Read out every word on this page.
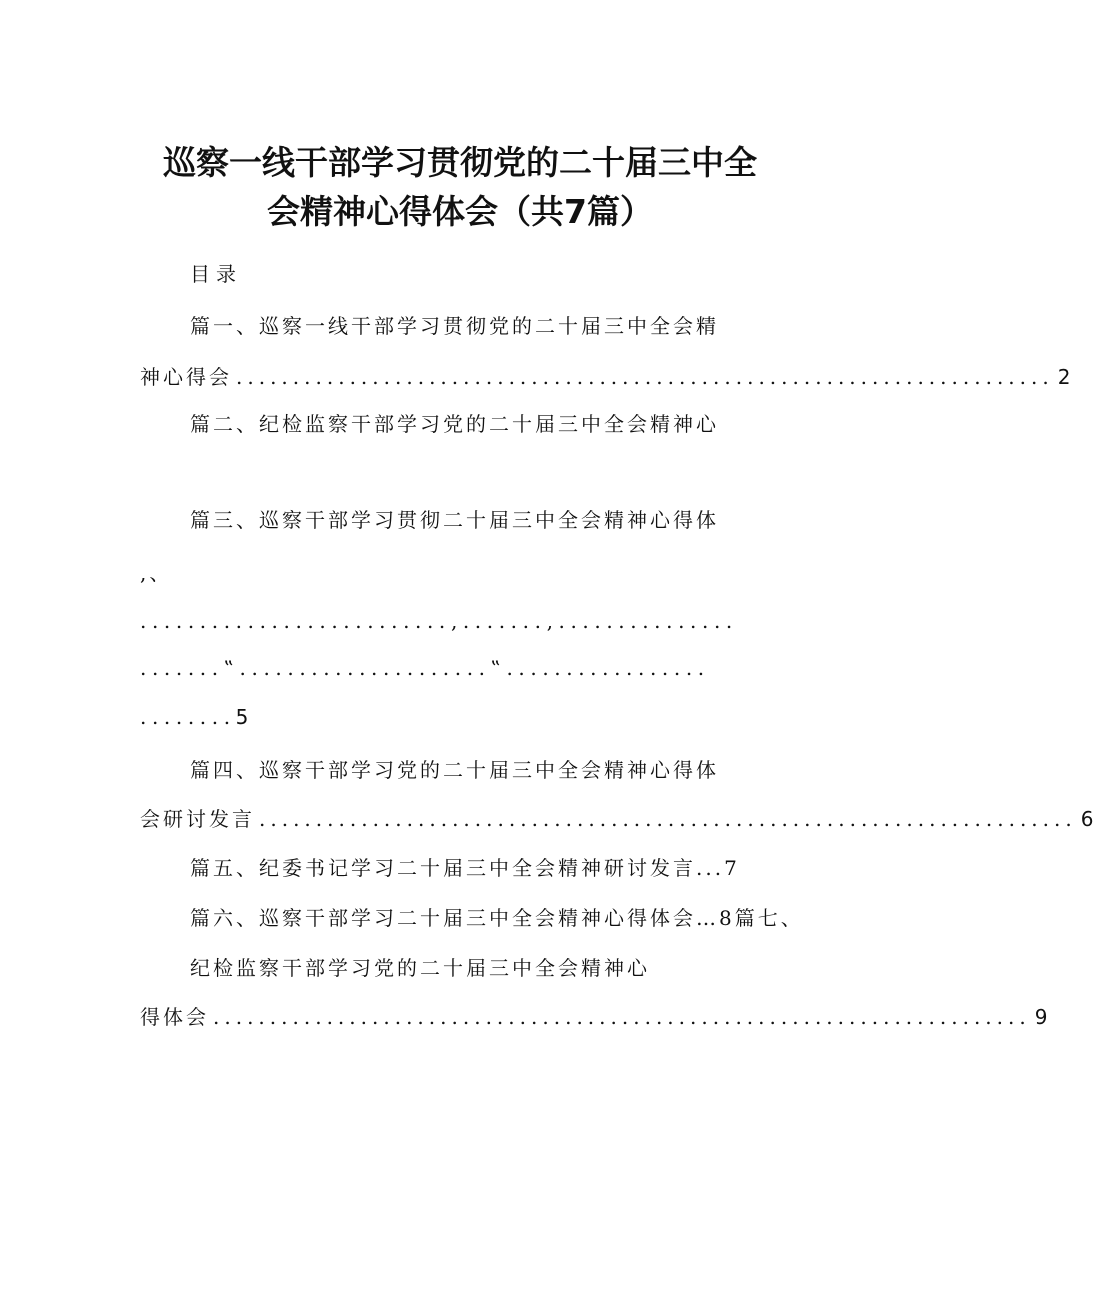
巡察一线干部学习贯彻党的二十届三中全
会精神心得体会（共7篇）
目录
篇一、巡察一线干部学习贯彻党的二十届三中全会精
神心得会 ........................................................................ 2
篇二、纪检监察干部学习党的二十届三中全会精神心
篇三、巡察干部学习贯彻二十届三中全会精神心得体
,、
..........................‚.......‚...............
.......‟.....................‟.................
........5
篇四、巡察干部学习党的二十届三中全会精神心得体
会研讨发言 ........................................................................ 6
篇五、纪委书记学习二十届三中全会精神研讨发言...7
篇六、巡察干部学习二十届三中全会精神心得体会…8篇七、
纪检监察干部学习党的二十届三中全会精神心
得体会 ........................................................................ 9
